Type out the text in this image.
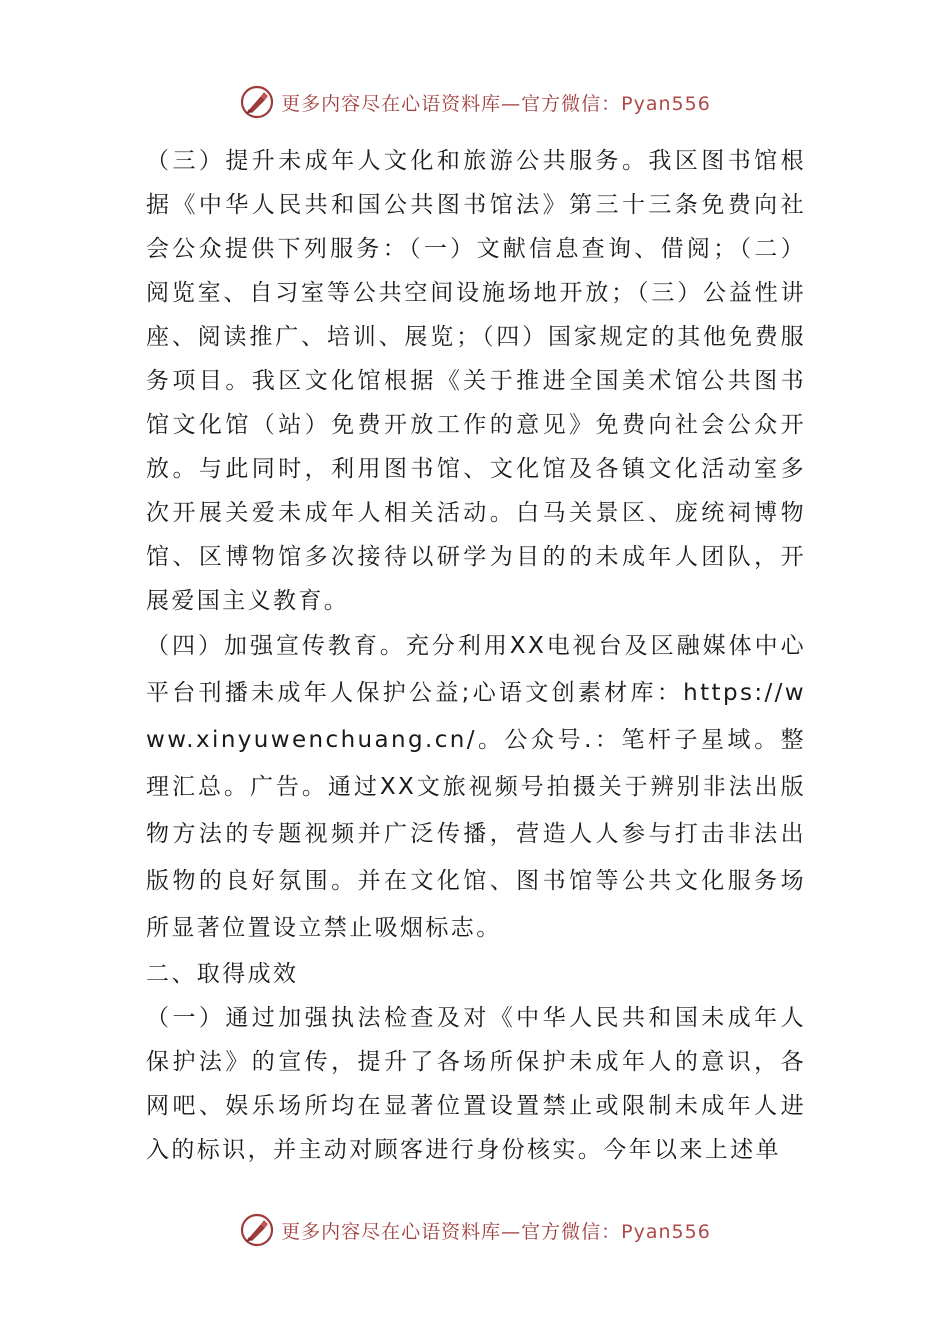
更多内容尽在心语资料库—官方微信：Pyan556

（三）提升未成年人文化和旅游公共服务。我区图书馆根据《中华人民共和国公共图书馆法》第三十三条免费向社会公众提供下列服务：（一）文献信息查询、借阅；（二）阅览室、自习室等公共空间设施场地开放；（三）公益性讲座、阅读推广、培训、展览；（四）国家规定的其他免费服务项目。我区文化馆根据《关于推进全国美术馆公共图书馆文化馆（站）免费开放工作的意见》免费向社会公众开放。与此同时，利用图书馆、文化馆及各镇文化活动室多次开展关爱未成年人相关活动。白马关景区、庞统祠博物馆、区博物馆多次接待以研学为目的的未成年人团队，开展爱国主义教育。

（四）加强宣传教育。充分利用XX电视台及区融媒体中心平台刊播未成年人保护公益;心语文创素材库：https://www.xinyuwenchuang.cn/。公众号.：笔杆子星域。整理汇总。广告。通过XX文旅视频号拍摄关于辨别非法出版物方法的专题视频并广泛传播，营造人人参与打击非法出版物的良好氛围。并在文化馆、图书馆等公共文化服务场所显著位置设立禁止吸烟标志。

二、取得成效

（一）通过加强执法检查及对《中华人民共和国未成年人保护法》的宣传，提升了各场所保护未成年人的意识，各网吧、娱乐场所均在显著位置设置禁止或限制未成年人进入的标识，并主动对顾客进行身份核实。今年以来上述单

更多内容尽在心语资料库—官方微信：Pyan556
